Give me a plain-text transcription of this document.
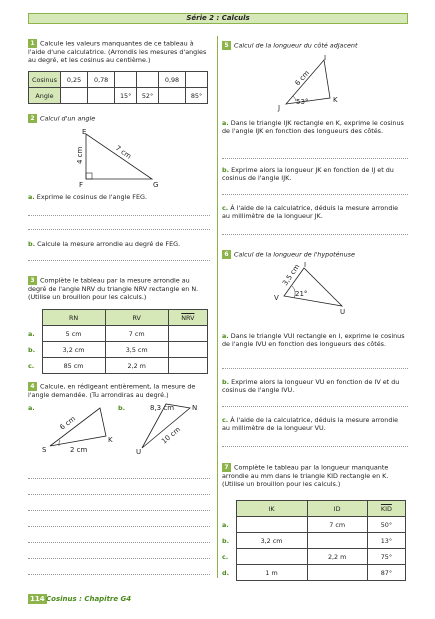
Série 2 : Calculs
1 Calcule les valeurs manquantes de ce tableau à l'aide d'une calculatrice. (Arrondis les mesures d'angles au degré, et les cosinus au centième.)
Cosinus	0,25	0,78			0,98	
Angle			15°	52°		85°
2 Calcul d'un angle
E
F	G
4 cm	7 cm
a. Exprime le cosinus de l'angle FEG.
b. Calcule la mesure arrondie au degré de FEG.
3 Complète le tableau par la mesure arrondie au degré de l'angle NRV du triangle NRV rectangle en N. (Utilise un brouillon pour les calculs.)
	RN	RV	$\overline{NRV}$
a.	5 cm	7 cm	
b.	3,2 cm	3,5 cm	
c.	85 cm	2,2 m	
4 Calcule, en rédigeant entièrement, la mesure de l'angle demandée. (Tu arrondiras au degré.)
a.	b.
S
K
6 cm
2 cm	U
N
8,3 cm
10 cm
5 Calcul de la longueur du côté adjacent
I
J
K
6 cm
53°
a. Dans le triangle IJK rectangle en K, exprime le cosinus de l'angle IJK en fonction des longueurs des côtés.
b. Exprime alors la longueur JK en fonction de IJ et du cosinus de l'angle IJK.
c. À l'aide de la calculatrice, déduis la mesure arrondie au millimètre de la longueur JK.
6 Calcul de la longueur de l'hypoténuse
I
V
U
3,5 cm
21°
a. Dans le triangle VUI rectangle en I, exprime le cosinus de l'angle IVU en fonction des longueurs des côtés.
b. Exprime alors la longueur VU en fonction de IV et du cosinus de l'angle IVU.
c. À l'aide de la calculatrice, déduis la mesure arrondie au millimètre de la longueur VU.
7 Complète le tableau par la longueur manquante arrondie au mm dans le triangle KID rectangle en K. (Utilise un brouillon pour les calculs.)
	IK	ID	$\overline{KID}$
a.		7 cm	50°
b.	3,2 cm		13°
c.		2,2 m	75°
d.	1 m		87°
114 Cosinus : Chapitre G4
